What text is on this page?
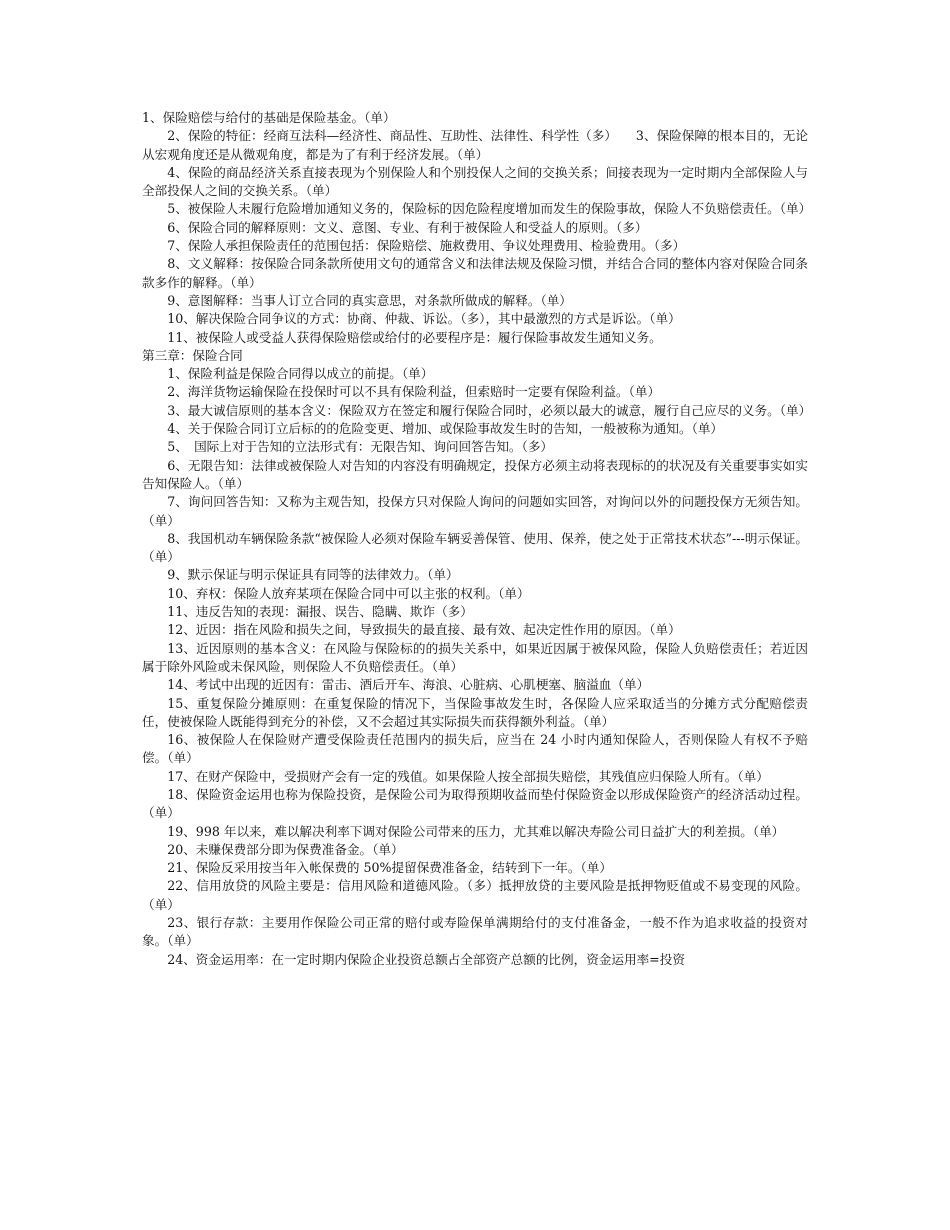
1、保险赔偿与给付的基础是保险基金。（单）

2、保险的特征：经商互法科—经济性、商品性、互助性、法律性、科学性（多）　　3、保险保障的根本目的，无论从宏观角度还是从微观角度，都是为了有利于经济发展。（单）

4、保险的商品经济关系直接表现为个别保险人和个别投保人之间的交换关系；间接表现为一定时期内全部保险人与全部投保人之间的交换关系。（单）

5、被保险人未履行危险增加通知义务的，保险标的因危险程度增加而发生的保险事故，保险人不负赔偿责任。（单）

6、保险合同的解释原则：文义、意图、专业、有利于被保险人和受益人的原则。（多）

7、保险人承担保险责任的范围包括：保险赔偿、施救费用、争议处理费用、检验费用。（多）

8、文义解释：按保险合同条款所使用文句的通常含义和法律法规及保险习惯，并结合合同的整体内容对保险合同条款多作的解释。（单）

9、意图解释：当事人订立合同的真实意思，对条款所做成的解释。（单）

10、解决保险合同争议的方式：协商、仲裁、诉讼。（多），其中最激烈的方式是诉讼。（单）

11、被保险人或受益人获得保险赔偿或给付的必要程序是：履行保险事故发生通知义务。

第三章：保险合同

1、保险利益是保险合同得以成立的前提。（单）

2、海洋货物运输保险在投保时可以不具有保险利益，但索赔时一定要有保险利益。（单）

3、最大诚信原则的基本含义：保险双方在签定和履行保险合同时，必须以最大的诚意，履行自己应尽的义务。（单）

4、关于保险合同订立后标的的危险变更、增加、或保险事故发生时的告知，一般被称为通知。（单）

5、　国际上对于告知的立法形式有：无限告知、询问回答告知。（多）

6、无限告知：法律或被保险人对告知的内容没有明确规定，投保方必须主动将表现标的的状况及有关重要事实如实告知保险人。（单）

7、询问回答告知：又称为主观告知，投保方只对保险人询问的问题如实回答，对询问以外的问题投保方无须告知。（单）

8、我国机动车辆保险条款“被保险人必须对保险车辆妥善保管、使用、保养，使之处于正常技术状态”---明示保证。（单）

9、默示保证与明示保证具有同等的法律效力。（单）

10、弃权：保险人放弃某项在保险合同中可以主张的权利。（单）

11、违反告知的表现：漏报、误告、隐瞒、欺诈（多）

12、近因：指在风险和损失之间，导致损失的最直接、最有效、起决定性作用的原因。（单）

13、近因原则的基本含义：在风险与保险标的的损失关系中，如果近因属于被保风险，保险人负赔偿责任；若近因属于除外风险或未保风险，则保险人不负赔偿责任。（单）

14、考试中出现的近因有：雷击、酒后开车、海浪、心脏病、心肌梗塞、脑溢血（单）

15、重复保险分摊原则：在重复保险的情况下，当保险事故发生时，各保险人应采取适当的分摊方式分配赔偿责任，使被保险人既能得到充分的补偿，又不会超过其实际损失而获得额外利益。（单）

16、被保险人在保险财产遭受保险责任范围内的损失后，应当在 24 小时内通知保险人，否则保险人有权不予赔偿。（单）

17、在财产保险中，受损财产会有一定的残值。如果保险人按全部损失赔偿，其残值应归保险人所有。（单）

18、保险资金运用也称为保险投资，是保险公司为取得预期收益而垫付保险资金以形成保险资产的经济活动过程。（单）

19、998 年以来，难以解决利率下调对保险公司带来的压力，尤其难以解决寿险公司日益扩大的利差损。（单）

20、未赚保费部分即为保费准备金。（单）

21、保险反采用按当年入帐保费的 50%提留保费准备金，结转到下一年。（单）

22、信用放贷的风险主要是：信用风险和道德风险。（多）抵押放贷的主要风险是抵押物贬值或不易变现的风险。（单）

23、银行存款：主要用作保险公司正常的赔付或寿险保单满期给付的支付准备金，一般不作为追求收益的投资对象。（单）

24、资金运用率：在一定时期内保险企业投资总额占全部资产总额的比例，资金运用率=投资
